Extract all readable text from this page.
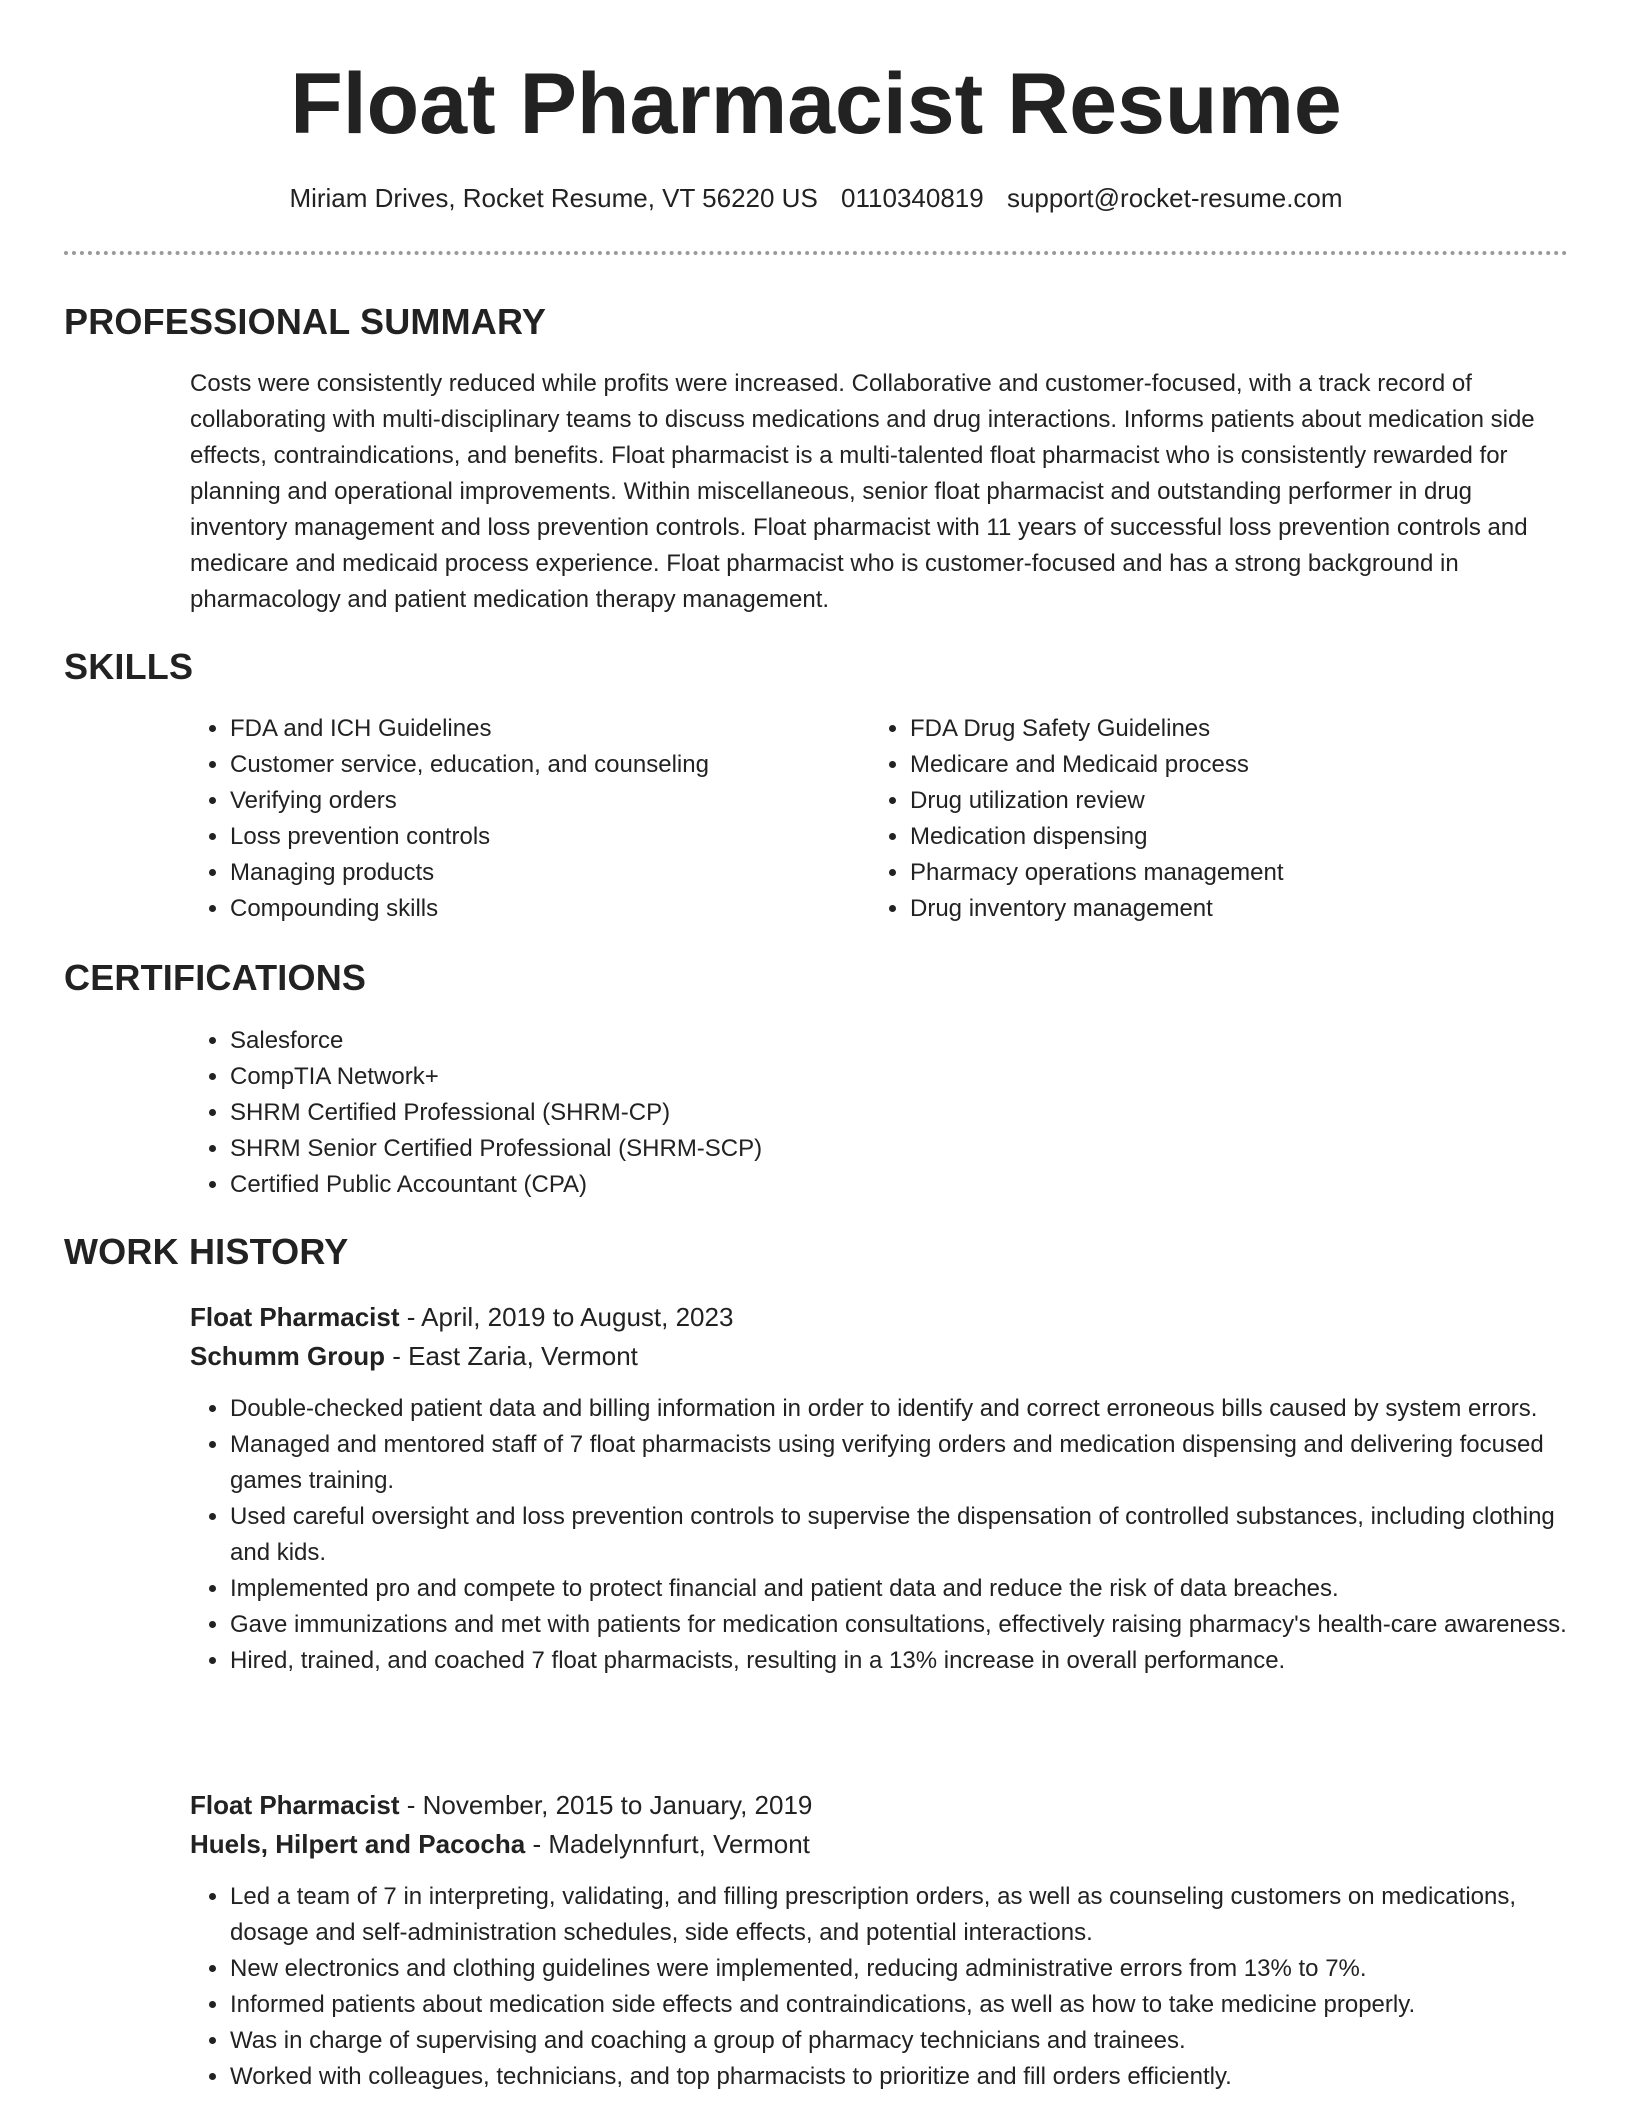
Float Pharmacist Resume
Miriam Drives, Rocket Resume, VT 56220 US 0110340819 support@rocket-resume.com
PROFESSIONAL SUMMARY

Costs were consistently reduced while profits were increased. Collaborative and customer-focused, with a track record of collaborating with multi-disciplinary teams to discuss medications and drug interactions. Informs patients about medication side effects, contraindications, and benefits. Float pharmacist is a multi-talented float pharmacist who is consistently rewarded for planning and operational improvements. Within miscellaneous, senior float pharmacist and outstanding performer in drug inventory management and loss prevention controls. Float pharmacist with 11 years of successful loss prevention controls and medicare and medicaid process experience. Float pharmacist who is customer-focused and has a strong background in pharmacology and patient medication therapy management.

SKILLS
• FDA and ICH Guidelines
• Customer service, education, and counseling
• Verifying orders
• Loss prevention controls
• Managing products
• Compounding skills
• FDA Drug Safety Guidelines
• Medicare and Medicaid process
• Drug utilization review
• Medication dispensing
• Pharmacy operations management
• Drug inventory management
CERTIFICATIONS
• Salesforce
• CompTIA Network+
• SHRM Certified Professional (SHRM-CP)
• SHRM Senior Certified Professional (SHRM-SCP)
• Certified Public Accountant (CPA)
WORK HISTORY
Float Pharmacist - April, 2019 to August, 2023
Schumm Group - East Zaria, Vermont
• Double-checked patient data and billing information in order to identify and correct erroneous bills caused by system errors.
• Managed and mentored staff of 7 float pharmacists using verifying orders and medication dispensing and delivering focused games training.
• Used careful oversight and loss prevention controls to supervise the dispensation of controlled substances, including clothing and kids.
• Implemented pro and compete to protect financial and patient data and reduce the risk of data breaches.
• Gave immunizations and met with patients for medication consultations, effectively raising pharmacy's health-care awareness.
• Hired, trained, and coached 7 float pharmacists, resulting in a 13% increase in overall performance.
Float Pharmacist - November, 2015 to January, 2019
Huels, Hilpert and Pacocha - Madelynnfurt, Vermont
• Led a team of 7 in interpreting, validating, and filling prescription orders, as well as counseling customers on medications, dosage and self-administration schedules, side effects, and potential interactions.
• New electronics and clothing guidelines were implemented, reducing administrative errors from 13% to 7%.
• Informed patients about medication side effects and contraindications, as well as how to take medicine properly.
• Was in charge of supervising and coaching a group of pharmacy technicians and trainees.
• Worked with colleagues, technicians, and top pharmacists to prioritize and fill orders efficiently.
